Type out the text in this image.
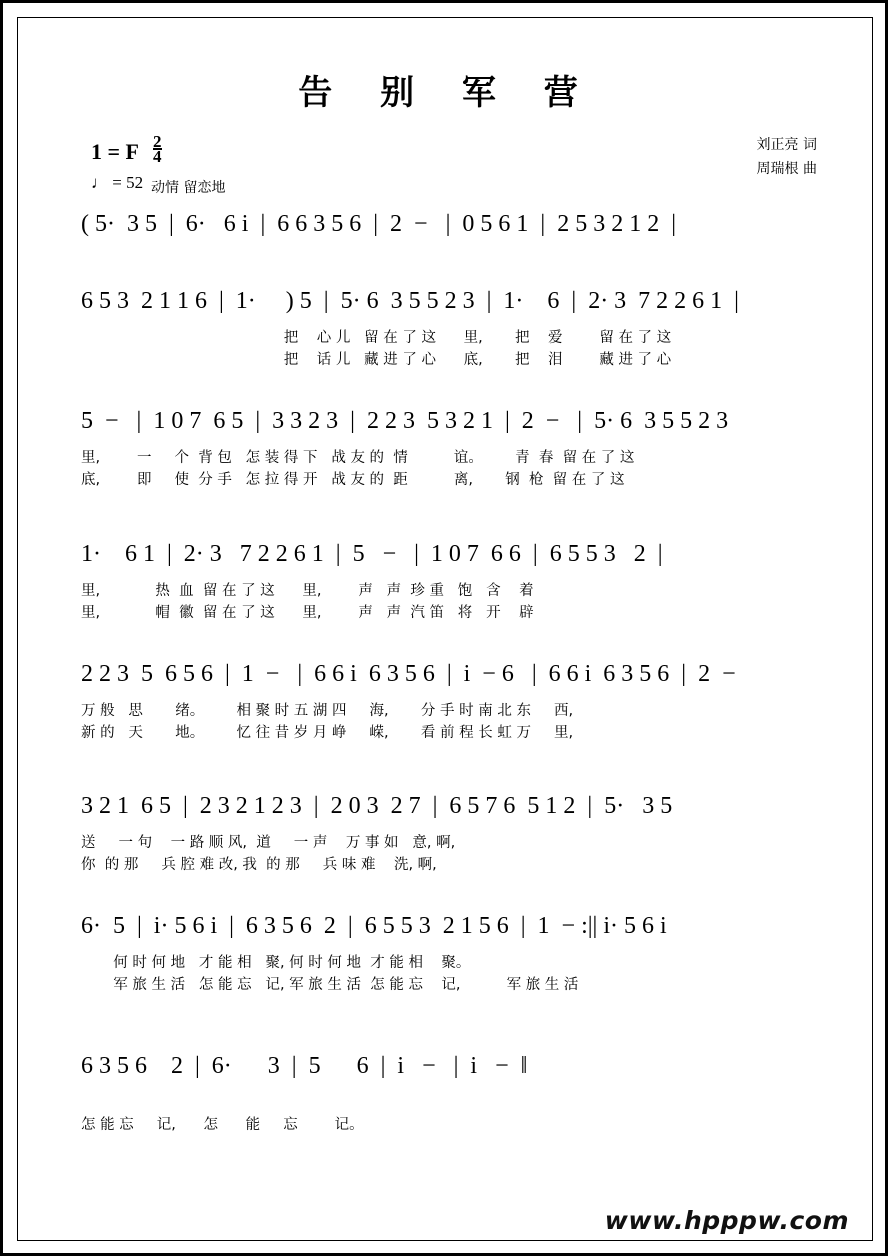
告 别 军 营
1 = F $\frac{2}{4}$
♩ = 52 动情 留恋地
刘正亮 词
周瑞根 曲
( 5·  3 5  |  6·   6 i  |  6 6 3 5 6  |  2  −   |  0 5 6 1  |  2 5 3 2 1 2  |
6 5 3  2 1 1 6  |  1·     ) 5  |  5· 6  3 5 5 2 3  |  1·    6  |  2· 3  7 2 2 6 1  |
把    心 儿   留 在 了 这      里,       把    爱        留 在 了 这
把    话 儿   藏 进 了 心      底,       把    泪        藏 进 了 心
5  −   |  1 0 7  6 5  |  3 3 2 3  |  2 2 3  5 3 2 1  |  2  −   |  5· 6  3 5 5 2 3
里,        一     个  背 包   怎 装 得 下   战 友 的  情          谊。       青  春  留 在 了 这
底,        即     使  分 手   怎 拉 得 开   战 友 的  距          离,       钢  枪  留 在 了 这
1·    6 1  |  2· 3   7 2 2 6 1  |  5   −   |  1 0 7  6 6  |  6 5 5 3   2  |
里,            热  血  留 在 了 这      里,        声   声  珍 重   饱   含    着
里,            帽  徽  留 在 了 这      里,        声   声  汽 笛   将   开    辟
2 2 3  5  6 5 6  |  1  −   |  6 6 i  6 3 5 6  |  i  − 6   |  6 6 i  6 3 5 6  |  2  −
万 般   思       绪。       相 聚 时 五 湖 四     海,       分 手 时 南 北 东     西,
新 的   天       地。       忆 往 昔 岁 月 峥     嵘,       看 前 程 长 虹 万     里,
3 2 1  6 5  |  2 3 2 1 2 3  |  2 0 3  2 7  |  6 5 7 6  5 1 2  |  5·   3 5
送     一 句    一 路 顺 风,  道     一 声    万 事 如   意, 啊,
你  的 那     兵 腔 难 改, 我  的 那     兵 味 难    洗, 啊,
6·  5  |  i· 5 6 i  |  6 3 5 6  2  |  6 5 5 3  2 1 5 6  |  1  − :|| i· 5 6 i
何 时 何 地   才 能 相   聚, 何 时 何 地  才 能 相    聚。
军 旅 生 活   怎 能 忘   记, 军 旅 生 活  怎 能 忘    记,          军 旅 生 活
6 3 5 6    2  |  6·      3  |  5      6  |  i   −   |  i   −  ‖
怎 能 忘     记,      怎      能     忘        记。
www.hpppw.com
